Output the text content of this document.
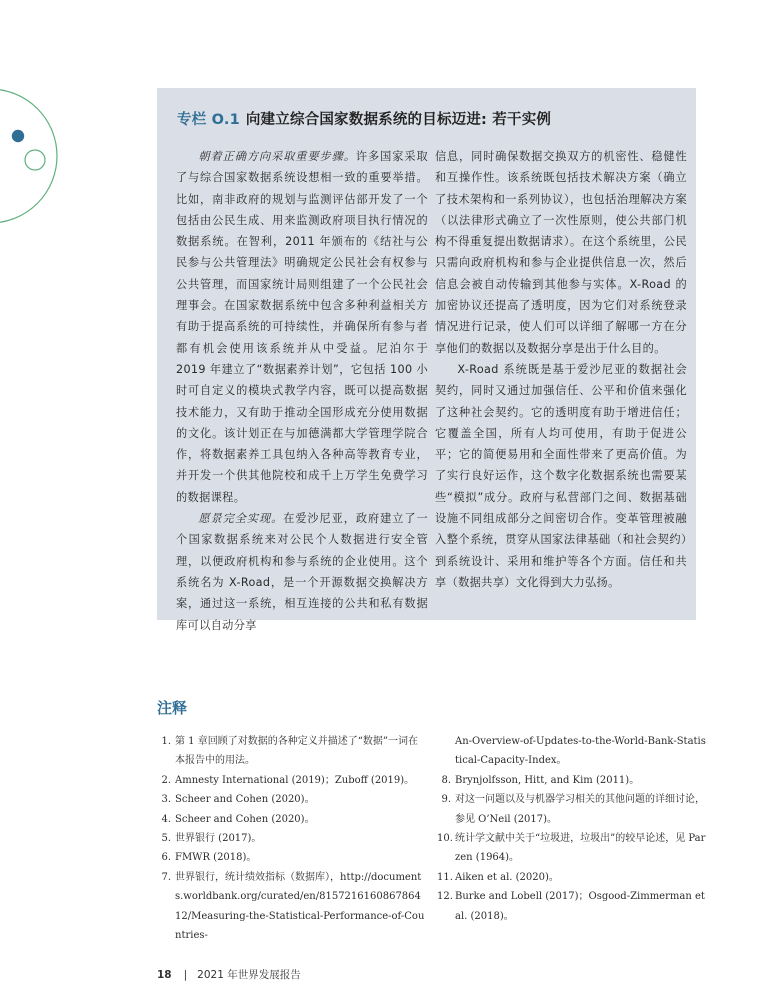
专栏 O.1 向建立综合国家数据系统的目标迈进: 若干实例

朝着正确方向采取重要步骤。许多国家采取了与综合国家数据系统设想相一致的重要举措。比如，南非政府的规划与监测评估部开发了一个包括由公民生成、用来监测政府项目执行情况的数据系统。在智利，2011 年颁布的《结社与公民参与公共管理法》明确规定公民社会有权参与公共管理，而国家统计局则组建了一个公民社会理事会。在国家数据系统中包含多种利益相关方有助于提高系统的可持续性，并确保所有参与者都有机会使用该系统并从中受益。尼泊尔于 2019 年建立了“数据素养计划”，它包括 100 小时可自定义的模块式教学内容，既可以提高数据技术能力，又有助于推动全国形成充分使用数据的文化。该计划正在与加德满都大学管理学院合作，将数据素养工具包纳入各种高等教育专业，并开发一个供其他院校和成千上万学生免费学习的数据课程。

愿景完全实现。在爱沙尼亚，政府建立了一个国家数据系统来对公民个人数据进行安全管理，以便政府机构和参与系统的企业使用。这个系统名为 X-Road，是一个开源数据交换解决方案，通过这一系统，相互连接的公共和私有数据库可以自动分享

信息，同时确保数据交换双方的机密性、稳健性和互操作性。该系统既包括技术解决方案（确立了技术架构和一系列协议），也包括治理解决方案（以法律形式确立了一次性原则，使公共部门机构不得重复提出数据请求）。在这个系统里，公民只需向政府机构和参与企业提供信息一次，然后信息会被自动传输到其他参与实体。X-Road 的加密协议还提高了透明度，因为它们对系统登录情况进行记录，使人们可以详细了解哪一方在分享他们的数据以及数据分享是出于什么目的。

X-Road 系统既是基于爱沙尼亚的数据社会契约，同时又通过加强信任、公平和价值来强化了这种社会契约。它的透明度有助于增进信任；它覆盖全国，所有人均可使用，有助于促进公平；它的简便易用和全面性带来了更高价值。为了实行良好运作，这个数字化数据系统也需要某些“模拟”成分。政府与私营部门之间、数据基础设施不同组成部分之间密切合作。变革管理被融入整个系统，贯穿从国家法律基础（和社会契约）到系统设计、采用和维护等各个方面。信任和共享（数据共享）文化得到大力弘扬。

注释
1. 第 1 章回顾了对数据的各种定义并描述了“数据”一词在本报告中的用法。
2. Amnesty International (2019)；Zuboff (2019)。
3. Scheer and Cohen (2020)。
4. Scheer and Cohen (2020)。
5. 世界银行 (2017)。
6. FMWR (2018)。
7. 世界银行，统计绩效指标（数据库），http://documents.worldbank.org/curated/en/815721616086786412/Measuring-the-Statistical-Performance-of-Countries-
An-Overview-of-Updates-to-the-World-Bank-Statistical-Capacity-Index。
8. Brynjolfsson, Hitt, and Kim (2011)。
9. 对这一问题以及与机器学习相关的其他问题的详细讨论，参见 O’Neil (2017)。
10. 统计学文献中关于“垃圾进，垃圾出”的较早论述，见 Parzen (1964)。
11. Aiken et al. (2020)。
12. Burke and Lobell (2017)；Osgood-Zimmerman et al. (2018)。
18 | 2021 年世界发展报告
